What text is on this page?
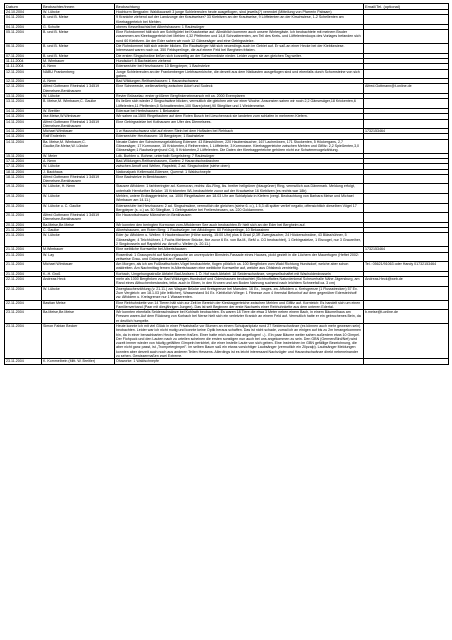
Datum	Beobachter/innen	Beobachtung	Email/Tel. (optional)
24.10.2004	W. Lübcke	Hochturm Bergpalm: Waldkauzseit 3 junge Schleiereulen heute ausgeflogen, sind jeweils(?) verendet (Mitteilung von Pfarrerin Pabsam)	
04.11.2004	B. und B. Meise	9 Kraniche ziehend auf der Landzunge der Krautweiser? 33 Kiebitzen an der Krautweise, 9 Löffelenten an der Kirschwiese, 1-2 Schellenten am Kleebaggerteich bei Mehlen.	
04.11.2004	G. Schulte	oberes Kesselbachtal bei Albertshausen: 1 Raubwürger	
05.11.2004	B. und B. Meise	Eine Rohrdommel hält sich am Schilfgürtel bei Krautweise auf. Allmählich kommen auch unsere Wintergäste. Ich beobachtete mit meinem Bruder zusammen am Kleebaggerteich bei Mehlen 4,32 Pfeifenten und 14,8 Schnatterenten, am Teil des Kreis- und Löffelentenloops des Vorlages befanden sich rund 60 Kiebitzen. An der Eder sahen wir noch 12 Gänsesäger und eine Gebirgsstelze.	
06.11.2004	B. und B. Meise	Die Rohrdommel hält sich wieder blicken. Ein Raubwürger hält sich neuerdings auch im Gebiet auf. Er saß an einer Hecke bei der Kiebitzwiese. Interessant waren noch ca. 350 Feldsperlinge, die auf einem Feld bei Bergheim frästen.	
07.11.2004	B. und B. Meise	Die ersten Singschwäne ließen sich kurzzeitig an der Schwimmkiste nieder. Leider zogen sie am gleichen Tag weiter.	
11.11.2004	M. Wimbauer	Hundsdorf: 8 Bachstelzen ziehend	
11.11.2004	A. Nenn	Edersee/ufer bei Herzhausen: 10 Bergpieper, 1 Bachstelze	
12.11.2004	NABU Frankenberg	Junge Schleiereulen an der Frankenberger Liebfrauenkirche, die derzeit aus dem Nistkasten ausgeflogen sind und ebenfalls durch Schornsteine von sich gaben.	
12.11.2004	A. Nenn	Bad Wildungen-Reitharshausen: 1 Hausrotschwanz	
12.11.2004	Alfred Gottmann Rheinstal 1 34519 Diemelsee-Benkhausen	Eine Schneeeule, wellenartiertig zwischen Adorf und Sudeck	Alfred.Gottmann@t-online.de
13.11.2004	W. Lübcke	Revier Brüsselau: erster größerer Bergfinkeneinmarsch mit ca. 2000 Exemplaren	
13.11.2004	B. Meise,M. Wimbauer,C. Gaulke	Es ließen sich wieder 2 Singschwäne blicken, vermutlich die gleichen wie vor einer Woche. Ansonsten sahen wir noch 2,2 Gänsesäger,18 Krickenten,6 Löffelenten,11 Pfeifenten,5 Schnatterenten,100 Stare(ohne),90 Stieglitze und 1 Weidenmeise.	
14.11.2004	W. Brettler	Ederaue bei Herbshausen: 1 Bekassine	
14.11.2004	Ilse.Meise,W.Wimbauer	Wir sahen ca.1500 Ringeltauben auf dem Roten Busch bei Lieschenrack sie landeten zum schlafen in mehreren Kiefern.	
14.11.2004	Alfred Gottmann Rheinstal 1 34519 Diemelsee-Benkhausen	Eine Gebirgsstelze bei Kothausen am Ufer des Diemelsees.	
14.11.2004	Michael Wimbauer	1 w Hausrotschwanz sitzt auf einem Stein bei dem Hofladen bei Rehbach	1732153464
14.11.2004	Ralf Enderlein	Edersee/ufer Herzhausen: 15 Bergpieper, 1 Bachstelze	
14.11.2004	Ba. Meise,M. Wimbauer,C. Gaulke,Be.Meise,W. Lübcke	Neuste Daten der Schwimmvogelzählung Edersee: 43 Blesshühner, 220 Haubentaucher, 167 Lachmöwen, 171 Stockenten, 5 Höckergans, 2,7 Gänsesäger, 17 Kormorane, 15 Krickenten,4 Reiherenten, 1 Löffelente, 3 Kormorane. Kleebaggerteiche zwischen Mehlen und Giflitz: 2,2 Spießenten,3,0 Gänsesäger,1 Raubwürger(rund C4), 5 Krickenten,2 Löffelenten. Die Daten der Kleebaggerteiche gehören nicht zur Schwimmvogelzählung.	
15.11.2004	W. Meier	Ldk. Burblen u. Bohme, unterhalb Sorgelsberg: 7 Raubwürger	
17.11.2004	A. Nenn	Bad-Wildungen-Reitharshausen, Garten: 2 Hausrotschwänzchen	
17.11.2004	W. Lübcke	zwischen Arnoff und Welten, Rapsfeld, 2 ad. Singschwäne (siehe oben)	
18.11.2004	J. Backhaus	Nationalpark Kellerwald-Edersee, Quernst: 1 Waldschnepfe	
18.11.2004	Alfred Gottmann Rheinstal 1 34519 Diemelsee-Benkhausen	Eine Bachstelze in Benkhausen	
19.11.2004	W. Lübcke, H. Nenn	Stausee Affoldern: 1 farbberingter ad. Kormoran, rechts: Alu-Ring, lks. breiter hellgrüner (blaugrüner) Ring, vermutlich aus Dänemark. Meldung erfolgt, unterhalb Hemfurther Brücke: 15 Krickenten WL beobachtete zuvor auf der Krautweise 16 Kiebitzen (es rechts war 18b)	
19.11.2004	W. Lübcke	Mehlen, untere Erdbaggerteiche, ca. 1000 Ringeltauben am 18.03 Uhr am Schlafplatz in Kiefern (vergl. Beobachtung von Barbara Meise und Michael Wimbauer am 14.11.)	
20.11.2004	W. Lübcke u. C. Gaulke	Edersee/ufer bei Herzhausen: 2 ad. Singschwäne, vermutlich die gleichen (siehe 6. o.), 1 5,3 d8 später verlief negativ, offensichtlich dieselben Vögel 17 Bergpieper (s. o.) ca. 50 Stieglitze, 1 Gebirgsstelze bei Freilersheusen, ca. 220 Goldammern.	
20.11.2004	Alfred Gottmann Rheinstal 1 34519 Diemelsee-Benkhausen	Ein Hausrotschwanz Männchen in Benkhausen	
20.11.2004	Ba.Meise,Be.Meise	Wir konnten den beringten Kormoran vom Affolderner See auch beobachten.Er hielt sich an der Eder bei Bergheim auf.	
21.11.2004	C. Gaulke	Albertshausen, am Roten Berg: 1 Raubwürger, bei Affoldingen: 60 Feldsperlinge, 10 Bekassinen	
21.11.2004	W. Lübcke	Eder (w. Affoldern u. Wellen: 9 Haubentaucher (Höhe sonnig, 15:00 Uhr) plus 6 Grad (2,3R Zwergtaucher, 24 Höckerschwäne, 43 Blässhühner, 5 Gänsesäger, 4 Teichhühner, 1 Fuchs Mehlener Brücke, fixe zuvor 6 Ex. von Ba.M., BeM u. CG beobachtet), 1 Gebirgsstelze, 1 Eisvogel, nur 3 Graureiher, 2 Singdrosseln auf Rapsfeld zw. Arnoff u. Wellen (s. 20.11.)	
21.11.2004	M.Wimbauer	Eine weibliche Kornweihe bei Albertshausen	1732153464
21.11.2004	W. Lay	Rosenthal: 1 Grauspecht auf Nahrungssuche an unverputzter Bimstein-Fassade eines Hauses, pickt gezielt in die Löchern der Mauerfugen (Heftet 2002: zeitweise Grau- und Grünspecht an Fassade)	
21.11.2004	Michael Wimbauer	Am Morgen, als ich am Fußkraftschoter-Vögel beobachtete, flogen plötzlich ca. 100 Bergfinken vom Wald Richtung Hundsdorf, welche aber schon waldreiten. Am Nachmittag fernen in Albertshausen eine weibliche Kornweihe auf, welche aus Ohlsbeck zentrieftig.	Tel.: 05621/91063 oder Handy 01732153464
21.11.2004	K.-H. Groß	Korbach, Umgehungsstraße Abfahrt Bad Arolsen: 1 Ö. Hof nach Abfahrt: 18 Seidenschwänze, vergesellschaftet mit Wacholderdrosseln	
22.11.2004	Andreas Heck	mehr als 1000 Bergfinken zw. Bad Wildungen-Hundsdorf und Odershausen beobachtet (Sichtnoffattes Naturdenkmal Scheuerhalle Nähe Jägersburg, am Rand eines Altbuchenbestandes, teilw. auch in Eiben, in den Kronen und am Boden Nahrung suchend nach leichtem Schneefall ca. 3 cm)	Andreas.Heck@web.de
22.11.2004	W. Lübcke	Zwergtaucherzählung (v. 21.11.) zw. Waguer Brücke und Kreisgrenze bei Marsden. 16 Ex., insges. zw. Affoldern u. Kreisgrenze (1 Flussstrecken) 57 Ex. Zum Vergleich: am 18.1.03 (die leitlicher), Wasserstand 54 Ex. Kiebitzlich Wiege: 1 Fitnesse zum 4 ihrerstal Betonhof auf dem gegenüber Edersteinhoff zw. Affoldern u. Kreisgrenze nur 1 Wasserenten.	
22.11.2004	Bastian Meise	Eine Rebhuhnkette von 14 Tieren hält sich zur Zeit im Bereich der Kiesbaggerteiche zwischen Mehlen und Giflitz auf. Kornteich: Es handelt sich um einen Familienverband (Paar mit diesjährigen Jungen). Das ist seit Beginnen der erste Nachweis einer Rebhuhnkette aus dem unteren Edertal.	
23.11.2004	Ba.Meise,Be.Meise	Wir konnten ebenfalls Seidenschwänze bei Kohlrath beobachten. Es waren 18 Tiere die etwa 3 Meter neben einem Bach, in einem Bäumelhaus am Fressen waren.Auf dem Rückweg von Korbach bei Nerse hielt sich ein verletzter Kranich an einem Feld auf. Vermutlich hatte er ein gebrochenes Bein, da er deutlich humpelte.	b.meise@t-online.de
23.11.2004	Simon Fabian Becker	Heute konnte ich mit viel Glück in einer Privatstraße vor Blumen an einem Schulparkplatz rund 27 Seidenschwänze (es können auch mehr gewesen sein) beobachten. Leider war ich nicht mutig und konnte keine Optik heraus schaffen. Das ist nicht schade, zumal ich an einigen auf bis zu 2m herangekommen bin, da in einer benachbarten Hecke Beeren fraßen. Einer hatte mich auch fast angeflogen! :-) . Ein paar Bäume weiter sahen außerdem etwa 10 Gimpel. Der Flohpuck und den Lauten nach zu urteilen scheinen die ersten sonstigen nun auch bei uns angekommen zu sein. Den GBN (Germen/Bird/Net) wird zuzeit immer wieder von häufig gefällten Gimpeln berichtet, die einer Instelle Laute von sich geben. Eine Instrelchen im GBN gefällige Bezeichnung, die aber nicht ganz passt, ist „Trompetergimpel". Im selben Baum saß ein etwas vorsichtiger Laubsänger (vermutlich ein Zilpzalp). Laubsänger Meldungen konnten aber derzeit auch noch aus anderen Teilen Hessens. Allerdings ist es leicht interessant Nachzügler und Hausrotschwänze direkt nebeneinander zu sehen. Gewissermaßen zwei Extreme.	
23.11.2004	K. Kommelbein (Mitt. W. Breitler)	Ofuworke: 1 Waldschnepfe	
